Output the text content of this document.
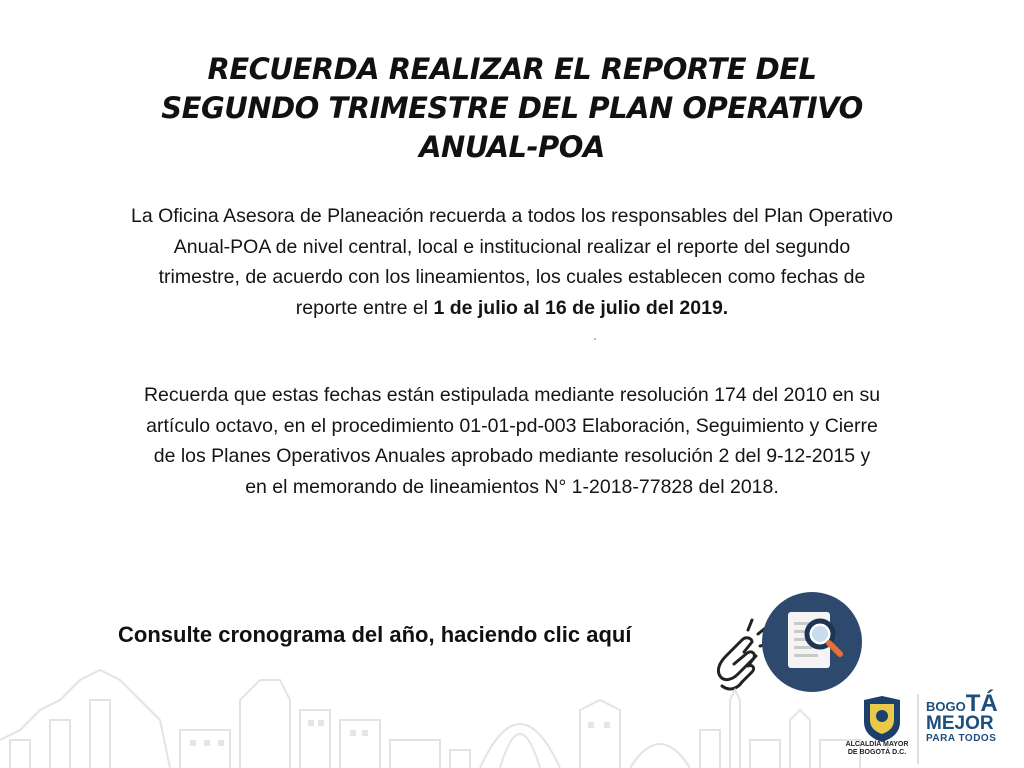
RECUERDA REALIZAR EL REPORTE DEL
SEGUNDO TRIMESTRE DEL PLAN OPERATIVO
ANUAL-POA
La Oficina Asesora de Planeación recuerda a todos los responsables del Plan Operativo
Anual-POA de nivel central, local e institucional realizar el reporte del segundo
trimestre, de acuerdo con los lineamientos, los cuales establecen como fechas de
reporte entre el 1 de julio al 16 de julio del 2019.
Recuerda que estas fechas están estipulada mediante resolución 174 del 2010 en su
artículo octavo, en el procedimiento 01-01-pd-003 Elaboración, Seguimiento y Cierre
de los Planes Operativos Anuales aprobado mediante resolución 2 del 9-12-2015 y
en el memorando de lineamientos N° 1-2018-77828 del 2018.
Consulte cronograma del año, haciendo clic aquí
ALCALDÍA MAYOR
DE BOGOTÁ D.C.
BOGOTÁ
MEJOR
PARA TODOS
